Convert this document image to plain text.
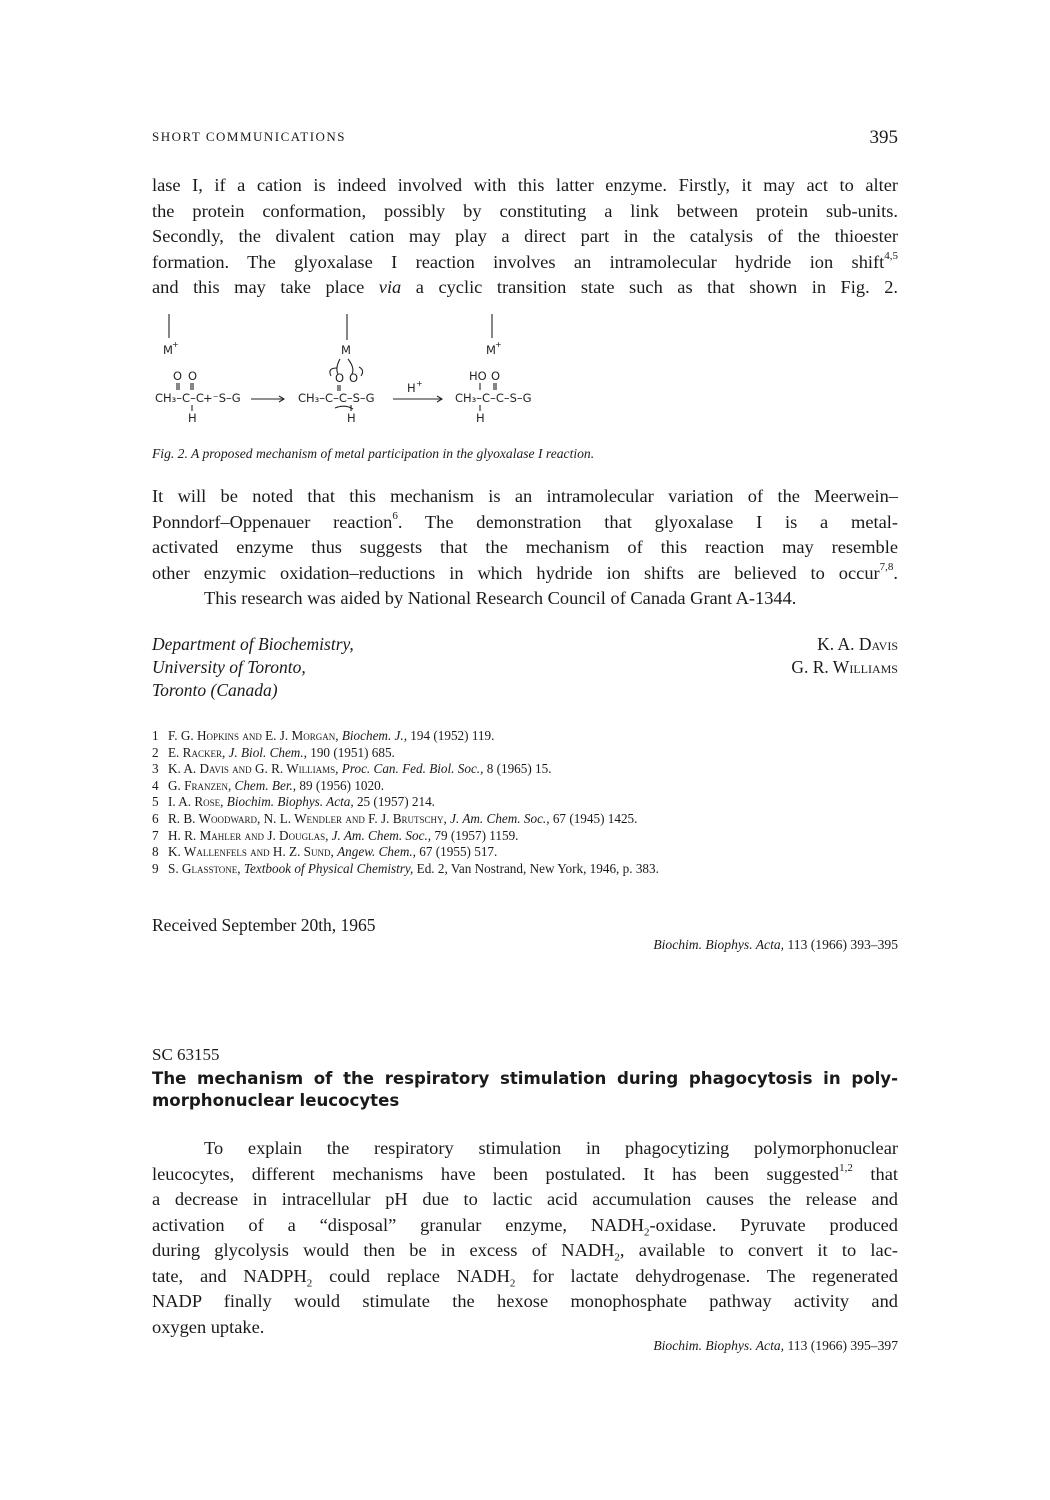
SHORT COMMUNICATIONS	395
lase I, if a cation is indeed involved with this latter enzyme. Firstly, it may act to alter
the protein conformation, possibly by constituting a link between protein sub-units.
Secondly, the divalent cation may play a direct part in the catalysis of the thioester
formation. The glyoxalase I reaction involves an intramolecular hydride ion shift$^{4,5}$
and this may take place via a cyclic transition state such as that shown in Fig. 2.
M +
O O
CH₃–C–C–
+⁻S–G
H
M
O O
CH₃–C–C–S–G
H
H +
M +
HO O
CH₃–C–C–S–G
H
Fig. 2. A proposed mechanism of metal participation in the glyoxalase I reaction.
It will be noted that this mechanism is an intramolecular variation of the Meerwein–
Ponndorf–Oppenauer reaction$^6$. The demonstration that glyoxalase I is a metal-
activated enzyme thus suggests that the mechanism of this reaction may resemble
other enzymic oxidation–reductions in which hydride ion shifts are believed to occur$^{7,8}$.
This research was aided by National Research Council of Canada Grant A-1344.
Department of Biochemistry,
University of Toronto,
Toronto (Canada)
K. A. Davis
G. R. Williams
1 F. G. Hopkins and E. J. Morgan, Biochem. J., 194 (1952) 119.
2 E. Racker, J. Biol. Chem., 190 (1951) 685.
3 K. A. Davis and G. R. Williams, Proc. Can. Fed. Biol. Soc., 8 (1965) 15.
4 G. Franzen, Chem. Ber., 89 (1956) 1020.
5 I. A. Rose, Biochim. Biophys. Acta, 25 (1957) 214.
6 R. B. Woodward, N. L. Wendler and F. J. Brutschy, J. Am. Chem. Soc., 67 (1945) 1425.
7 H. R. Mahler and J. Douglas, J. Am. Chem. Soc., 79 (1957) 1159.
8 K. Wallenfels and H. Z. Sund, Angew. Chem., 67 (1955) 517.
9 S. Glasstone, Textbook of Physical Chemistry, Ed. 2, Van Nostrand, New York, 1946, p. 383.
Received September 20th, 1965
Biochim. Biophys. Acta, 113 (1966) 393–395
SC 63155
The mechanism of the respiratory stimulation during phagocytosis in poly-
morphonuclear leucocytes
To explain the respiratory stimulation in phagocytizing polymorphonuclear
leucocytes, different mechanisms have been postulated. It has been suggested$^{1,2}$ that
a decrease in intracellular pH due to lactic acid accumulation causes the release and
activation of a “disposal” granular enzyme, $NADH_2$-oxidase. Pyruvate produced
during glycolysis would then be in excess of $NADH_2$, available to convert it to lac-
tate, and $NADPH_2$ could replace $NADH_2$ for lactate dehydrogenase. The regenerated
NADP finally would stimulate the hexose monophosphate pathway activity and
oxygen uptake.
Biochim. Biophys. Acta, 113 (1966) 395–397
